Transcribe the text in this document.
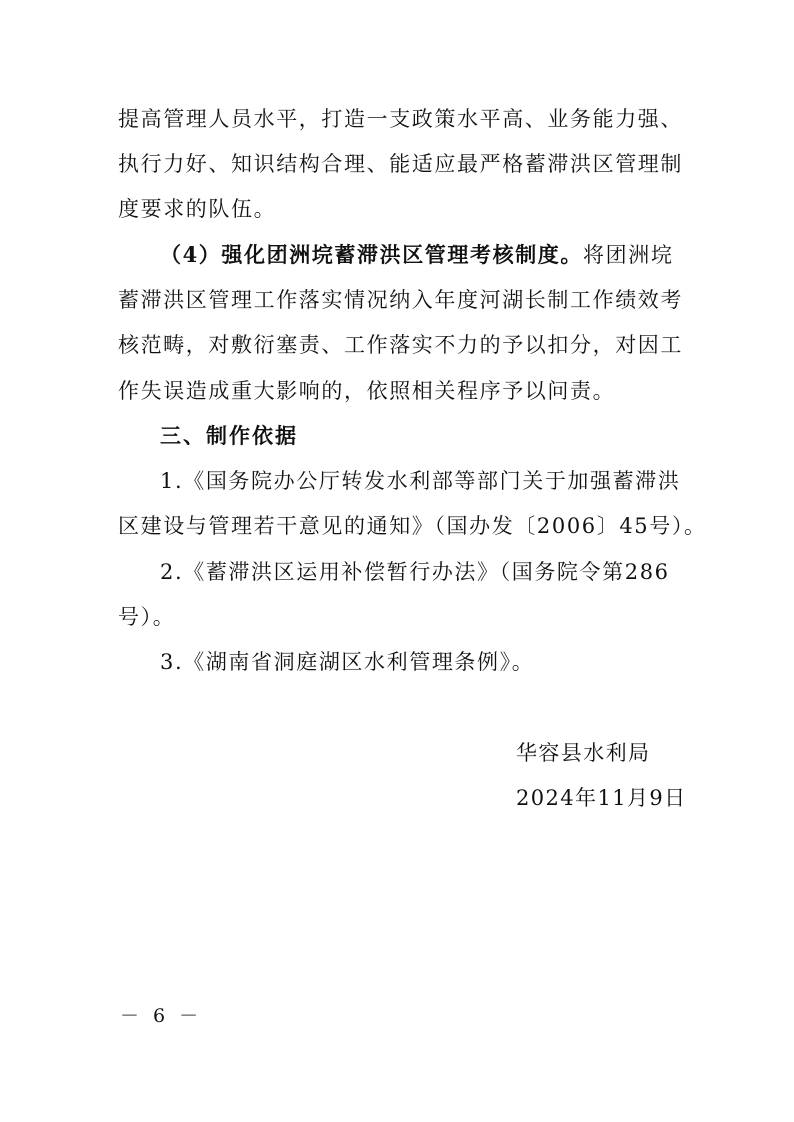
提高管理人员水平，打造一支政策水平高、业务能力强、
执行力好、知识结构合理、能适应最严格蓄滞洪区管理制
度要求的队伍。
（4）强化团洲垸蓄滞洪区管理考核制度。将团洲垸
蓄滞洪区管理工作落实情况纳入年度河湖长制工作绩效考
核范畴，对敷衍塞责、工作落实不力的予以扣分，对因工
作失误造成重大影响的，依照相关程序予以问责。
三、制作依据
1.《国务院办公厅转发水利部等部门关于加强蓄滞洪
区建设与管理若干意见的通知》（国办发〔2006〕45号）。
2.《蓄滞洪区运用补偿暂行办法》（国务院令第286
号）。
3.《湖南省洞庭湖区水利管理条例》。
华容县水利局
2024年11月9日
－ 6 －
